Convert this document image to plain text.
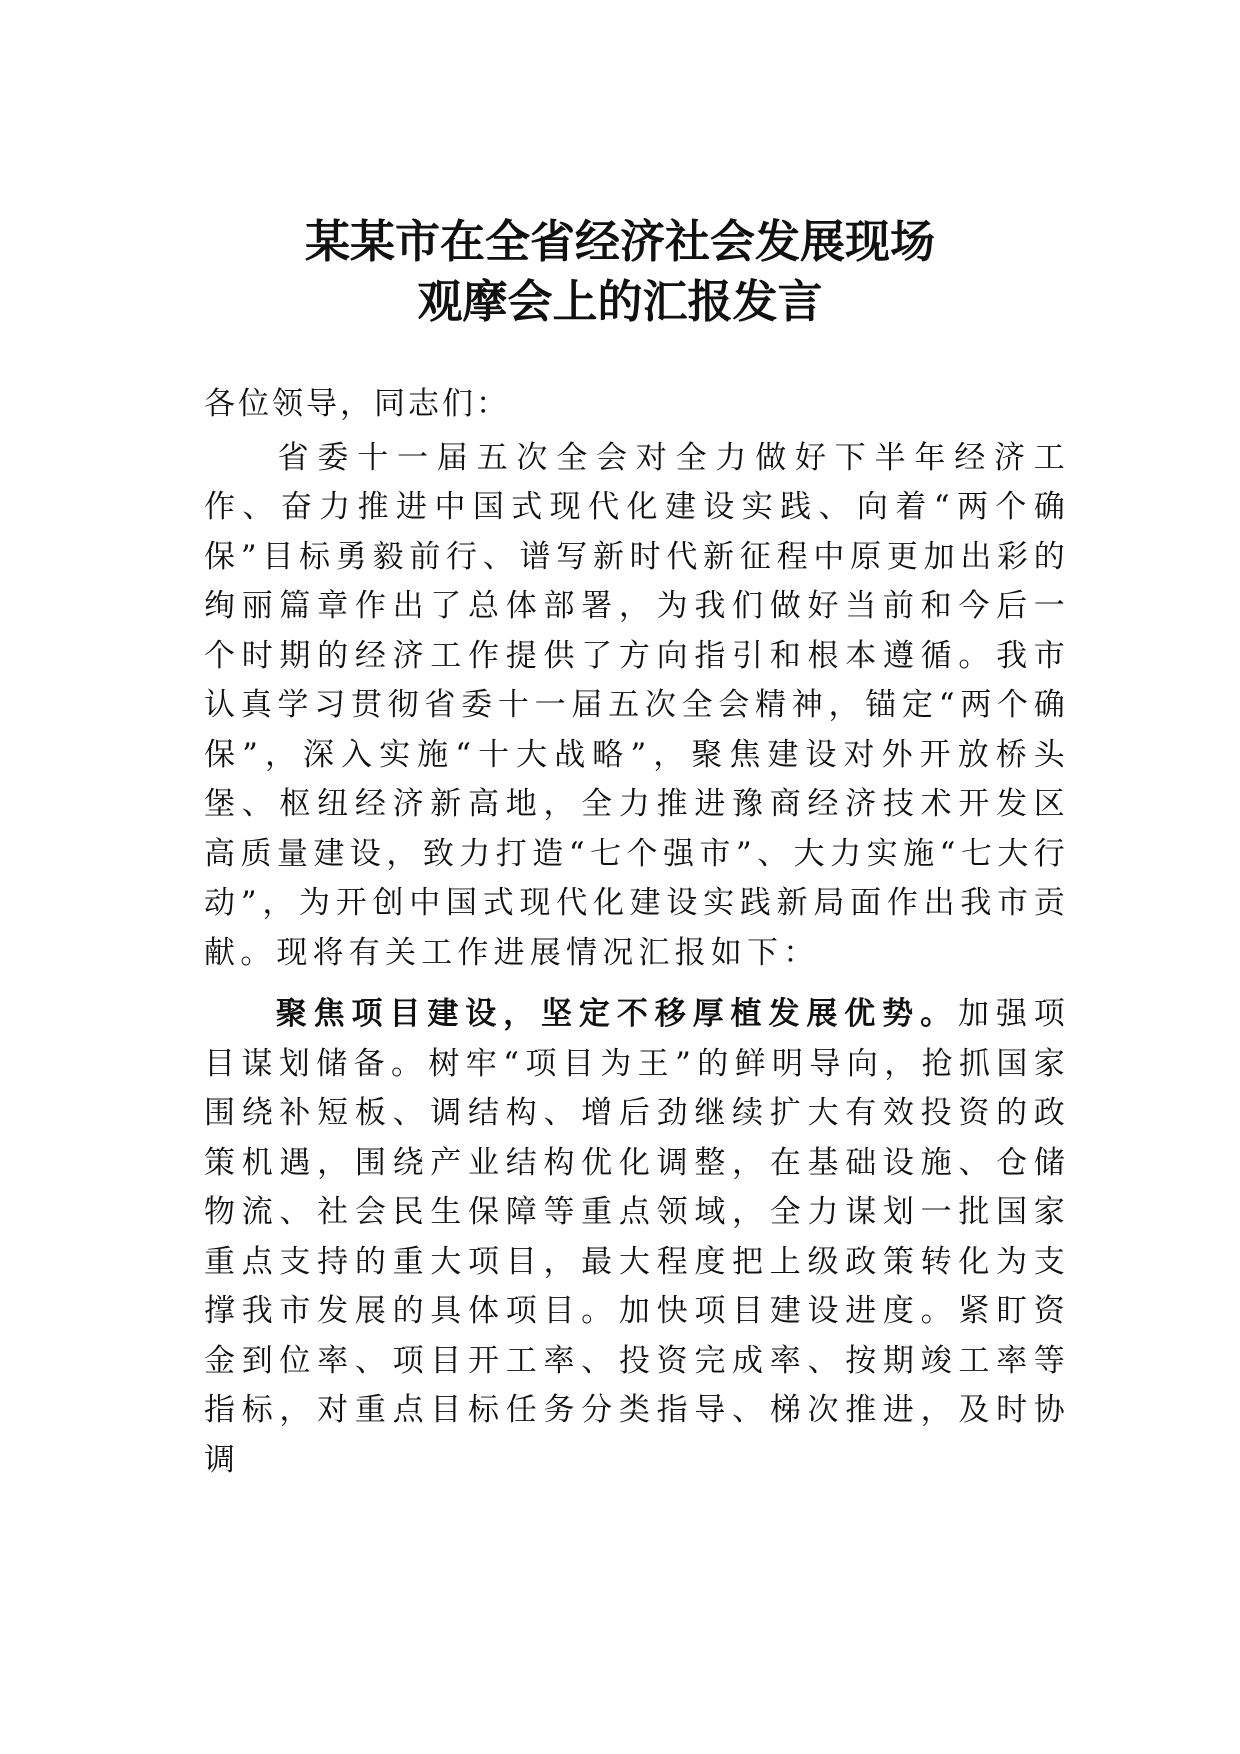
某某市在全省经济社会发展现场
观摩会上的汇报发言

各位领导，同志们：

省委十一届五次全会对全力做好下半年经济工作、奋力推进中国式现代化建设实践、向着“两个确保”目标勇毅前行、谱写新时代新征程中原更加出彩的绚丽篇章作出了总体部署，为我们做好当前和今后一个时期的经济工作提供了方向指引和根本遵循。我市认真学习贯彻省委十一届五次全会精神，锚定“两个确保”，深入实施“十大战略”，聚焦建设对外开放桥头堡、枢纽经济新高地，全力推进豫商经济技术开发区高质量建设，致力打造“七个强市”、大力实施“七大行动”，为开创中国式现代化建设实践新局面作出我市贡献。现将有关工作进展情况汇报如下：

聚焦项目建设，坚定不移厚植发展优势。加强项目谋划储备。树牢“项目为王”的鲜明导向，抢抓国家围绕补短板、调结构、增后劲继续扩大有效投资的政策机遇，围绕产业结构优化调整，在基础设施、仓储物流、社会民生保障等重点领域，全力谋划一批国家重点支持的重大项目，最大程度把上级政策转化为支撑我市发展的具体项目。加快项目建设进度。紧盯资金到位率、项目开工率、投资完成率、按期竣工率等指标，对重点目标任务分类指导、梯次推进，及时协调
